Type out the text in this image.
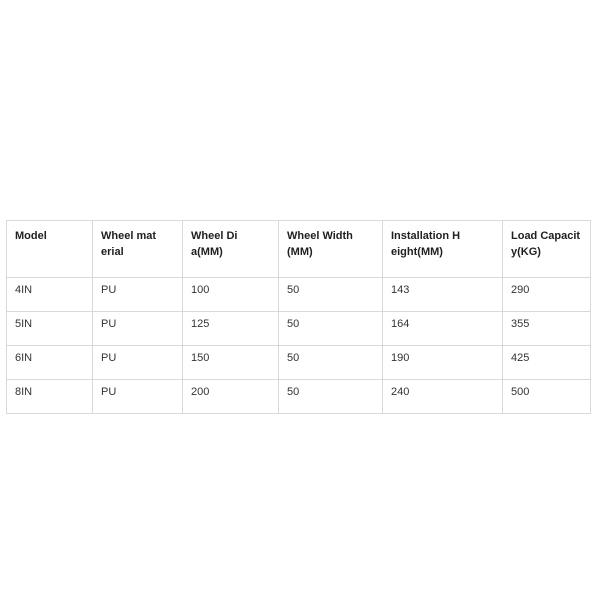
Model	Wheel material	Wheel Dia(MM)	Wheel Width(MM)	Installation Height(MM)	Load Capacity(KG)

4IN	PU	100	50	143	290
5IN	PU	125	50	164	355
6IN	PU	150	50	190	425
8IN	PU	200	50	240	500
